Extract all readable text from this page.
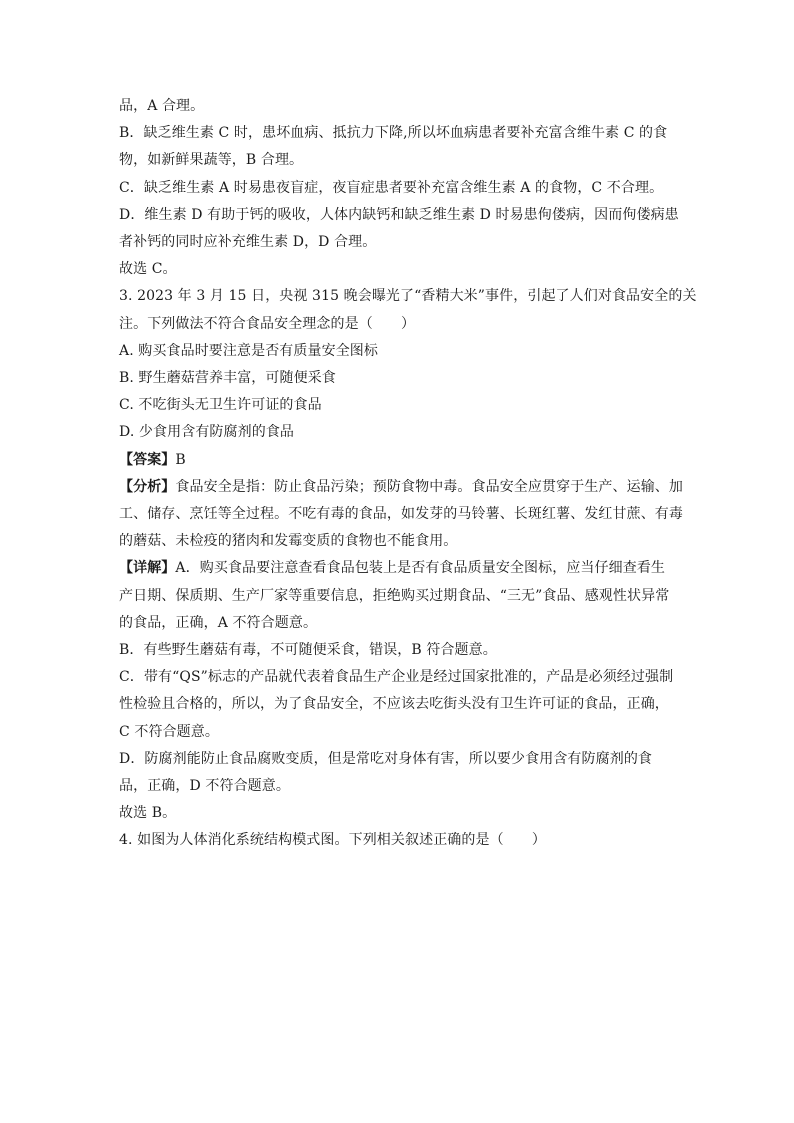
品，A 合理。
B．缺乏维生素 C 时，患坏血病、抵抗力下降,所以坏血病患者要补充富含维牛素 C 的食
物，如新鲜果蔬等，B 合理。
C．缺乏维生素 A 时易患夜盲症，夜盲症患者要补充富含维生素 A 的食物，C 不合理。
D．维生素 D 有助于钙的吸收，人体内缺钙和缺乏维生素 D 时易患佝偻病，因而佝偻病患
者补钙的同时应补充维生素 D，D 合理。
故选 C。
3. 2023 年 3 月 15 日，央视 315 晚会曝光了“香精大米”事件，引起了人们对食品安全的关
注。下列做法不符合食品安全理念的是（　　）
A. 购买食品时要注意是否有质量安全图标
B. 野生蘑菇营养丰富，可随便采食
C. 不吃街头无卫生许可证的食品
D. 少食用含有防腐剂的食品
【答案】B
【分析】食品安全是指：防止食品污染；预防食物中毒。食品安全应贯穿于生产、运输、加
工、储存、烹饪等全过程。不吃有毒的食品，如发芽的马铃薯、长斑红薯、发红甘蔗、有毒
的蘑菇、未检疫的猪肉和发霉变质的食物也不能食用。
【详解】A．购买食品要注意查看食品包装上是否有食品质量安全图标，应当仔细查看生
产日期、保质期、生产厂家等重要信息，拒绝购买过期食品、“三无”食品、感观性状异常
的食品，正确，A 不符合题意。
B．有些野生蘑菇有毒，不可随便采食，错误，B 符合题意。
C．带有“QS”标志的产品就代表着食品生产企业是经过国家批准的，产品是必须经过强制
性检验且合格的，所以，为了食品安全，不应该去吃街头没有卫生许可证的食品，正确，
C 不符合题意。
D．防腐剂能防止食品腐败变质，但是常吃对身体有害，所以要少食用含有防腐剂的食
品，正确，D 不符合题意。
故选 B。
4. 如图为人体消化系统结构模式图。下列相关叙述正确的是（　　）
